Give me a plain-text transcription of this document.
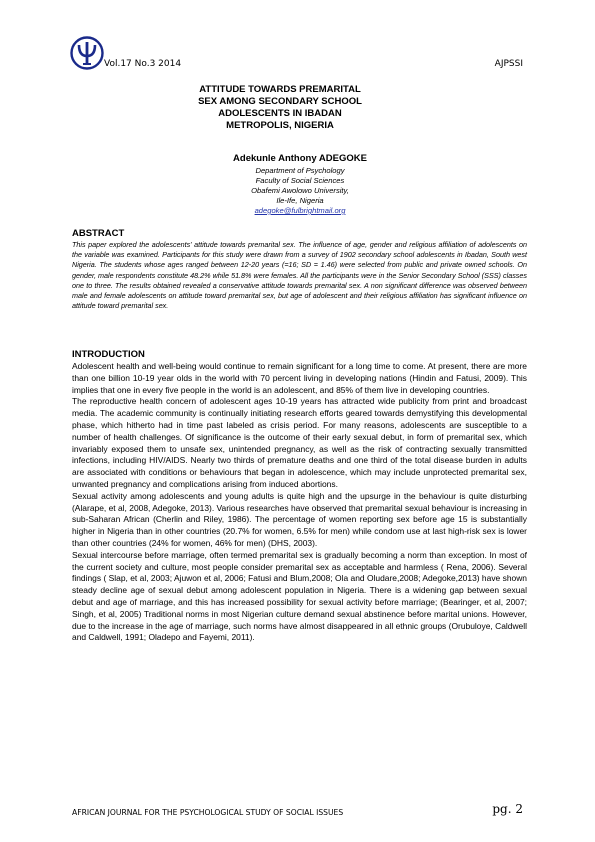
Vol.17 No.3 2014	AJPSSI
ATTITUDE TOWARDS PREMARITAL
SEX AMONG SECONDARY SCHOOL
ADOLESCENTS IN IBADAN
METROPOLIS, NIGERIA
Adekunle Anthony ADEGOKE
Department of Psychology
Faculty of Social Sciences
Obafemi Awolowo University,
Ile-Ife, Nigeria
adegoke@fulbrightmail.org
ABSTRACT
This paper explored the adolescents' attitude towards premarital sex. The influence of age, gender and religious affiliation of adolescents on the variable was examined. Participants for this study were drawn from a survey of 1902 secondary school adolescents in Ibadan, South west Nigeria. The students whose ages ranged between 12-20 years (=16; SD = 1.46) were selected from public and private owned schools. On gender, male respondents constitute 48.2% while 51.8% were females. All the participants were in the Senior Secondary School (SSS) classes one to three. The results obtained revealed a conservative attitude towards premarital sex. A non significant difference was observed between male and female adolescents on attitude toward premarital sex, but age of adolescent and their religious affiliation has significant influence on attitude toward premarital sex.
INTRODUCTION

Adolescent health and well-being would continue to remain significant for a long time to come. At present, there are more than one billion 10-19 year olds in the world with 70 percent living in developing nations (Hindin and Fatusi, 2009). This implies that one in every five people in the world is an adolescent, and 85% of them live in developing countries.

The reproductive health concern of adolescent ages 10-19 years has attracted wide publicity from print and broadcast media. The academic community is continually initiating research efforts geared towards demystifying this developmental phase, which hitherto had in time past labeled as crisis period. For many reasons, adolescents are susceptible to a number of health challenges. Of significance is the outcome of their early sexual debut, in form of premarital sex, which invariably exposed them to unsafe sex, unintended pregnancy, as well as the risk of contracting sexually transmitted infections, including HIV/AIDS. Nearly two thirds of premature deaths and one third of the total disease burden in adults are associated with conditions or behaviours that began in adolescence, which may include unprotected premarital sex, unwanted pregnancy and complications arising from induced abortions.

Sexual activity among adolescents and young adults is quite high and the upsurge in the behaviour is quite disturbing (Alarape, et al, 2008, Adegoke, 2013). Various researches have observed that premarital sexual behaviour is increasing in sub-Saharan African (Cherlin and Riley, 1986). The percentage of women reporting sex before age 15 is substantially higher in Nigeria than in other countries (20.7% for women, 6.5% for men) while condom use at last high-risk sex is lower than other countries (24% for women, 46% for men) (DHS, 2003).

Sexual intercourse before marriage, often termed premarital sex is gradually becoming a norm than exception. In most of the current society and culture, most people consider premarital sex as acceptable and harmless ( Rena, 2006). Several findings ( Slap, et al, 2003; Ajuwon et al, 2006; Fatusi and Blum,2008; Ola and Oludare,2008; Adegoke,2013) have shown steady decline age of sexual debut among adolescent population in Nigeria. There is a widening gap between sexual debut and age of marriage, and this has increased possibility for sexual activity before marriage; (Bearinger, et al, 2007; Singh, et al, 2005) Traditional norms in most Nigerian culture demand sexual abstinence before marital unions. However, due to the increase in the age of marriage, such norms have almost disappeared in all ethnic groups (Orubuloye, Caldwell and Caldwell, 1991; Oladepo and Fayemi, 2011).

AFRICAN JOURNAL FOR THE PSYCHOLOGICAL STUDY OF SOCIAL ISSUES	pg. 2
